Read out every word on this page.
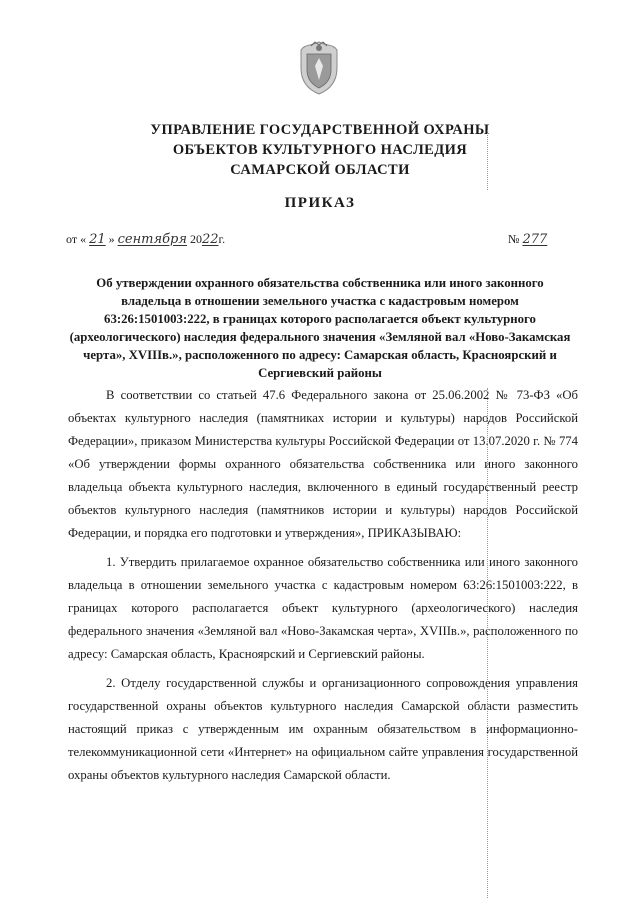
УПРАВЛЕНИЕ ГОСУДАРСТВЕННОЙ ОХРАНЫ
ОБЪЕКТОВ КУЛЬТУРНОГО НАСЛЕДИЯ
САМАРСКОЙ ОБЛАСТИ
ПРИКАЗ
от « 21 » сентября 2022г.	№ 277
Об утверждении охранного обязательства собственника или иного законного владельца в отношении земельного участка с кадастровым номером 63:26:1501003:222, в границах которого располагается объект культурного (археологического) наследия федерального значения «Земляной вал «Ново-Закамская черта», XVIIIв.», расположенного по адресу: Самарская область, Красноярский и Сергиевский районы

В соответствии со статьей 47.6 Федерального закона от 25.06.2002 № 73-ФЗ «Об объектах культурного наследия (памятниках истории и культуры) народов Российской Федерации», приказом Министерства культуры Российской Федерации от 13.07.2020 г. № 774 «Об утверждении формы охранного обязательства собственника или иного законного владельца объекта культурного наследия, включенного в единый государственный реестр объектов культурного наследия (памятников истории и культуры) народов Российской Федерации, и порядка его подготовки и утверждения», ПРИКАЗЫВАЮ:

1. Утвердить прилагаемое охранное обязательство собственника или иного законного владельца в отношении земельного участка с кадастровым номером 63:26:1501003:222, в границах которого располагается объект культурного (археологического) наследия федерального значения «Земляной вал «Ново-Закамская черта», XVIIIв.», расположенного по адресу: Самарская область, Красноярский и Сергиевский районы.

2. Отделу государственной службы и организационного сопровождения управления государственной охраны объектов культурного наследия Самарской области разместить настоящий приказ с утвержденным им охранным обязательством в информационно-телекоммуникационной сети «Интернет» на официальном сайте управления государственной охраны объектов культурного наследия Самарской области.
